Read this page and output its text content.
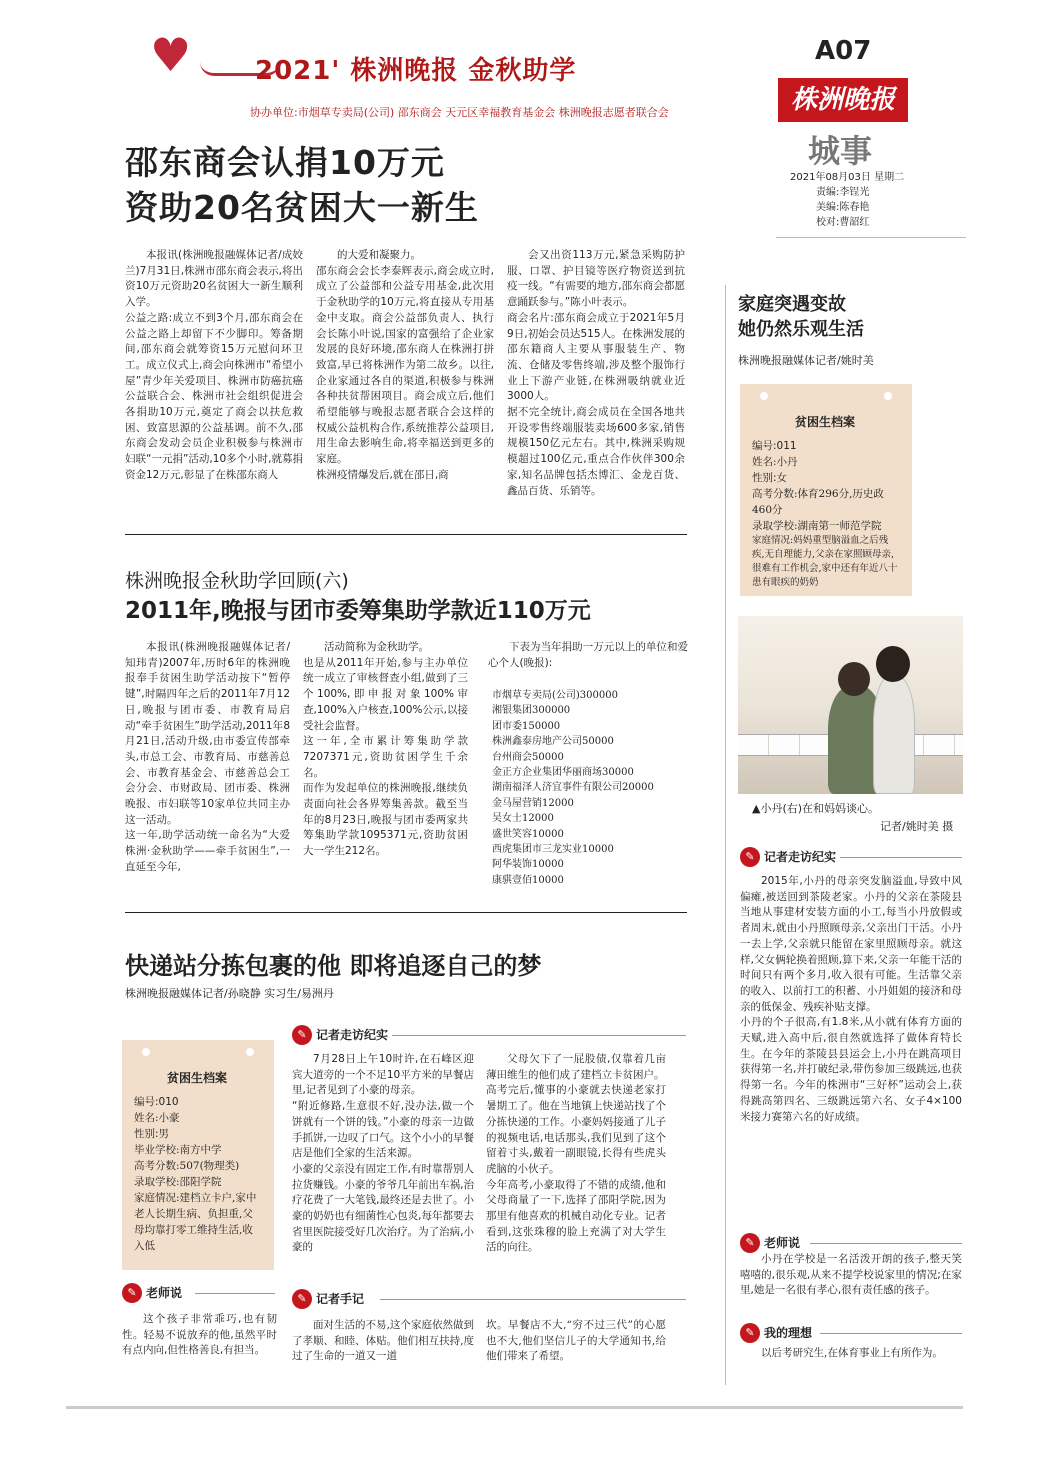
♥ 2021' 株洲晚报 金秋助学
协办单位:市烟草专卖局(公司) 邵东商会 天元区幸福教育基金会 株洲晚报志愿者联合会
A07
株洲晚报
城事
2021年08月03日 星期二
责编:李锃光
美编:陈春艳
校对:曹韶红
邵东商会认捐10万元
资助20名贫困大一新生
本报讯(株洲晚报融媒体记者/成姣兰)7月31日,株洲市邵东商会表示,将出资10万元资助20名贫困大一新生顺利入学。
公益之路:成立不到3个月,邵东商会在公益之路上却留下不少脚印。筹备期间,邵东商会就筹资15万元慰问环卫工。成立仪式上,商会向株洲市“希望小屋”青少年关爱项目、株洲市防癌抗癌公益联合会、株洲市社会组织促进会各捐助10万元,奠定了商会以扶危救困、致富思源的公益基调。前不久,邵东商会发动会员企业积极参与株洲市妇联“一元捐”活动,10多个小时,就募捐资金12万元,彰显了在株邵东商人
的大爱和凝聚力。
邵东商会会长李泰辉表示,商会成立时,成立了公益部和公益专用基金,此次用于金秋助学的10万元,将直接从专用基金中支取。商会公益部负责人、执行会长陈小叶说,国家的富强给了企业家发展的良好环境,邵东商人在株洲打拼致富,早已将株洲作为第二故乡。以往,企业家通过各自的渠道,积极参与株洲各种扶贫帮困项目。商会成立后,他们希望能够与晚报志愿者联合会这样的权威公益机构合作,系统推荐公益项目,用生命去影响生命,将幸福送到更多的家庭。
株洲疫情爆发后,就在邵日,商
会又出资113万元,紧急采购防护服、口罩、护目镜等医疗物资送到抗疫一线。“有需要的地方,邵东商会都愿意踊跃参与。”陈小叶表示。
商会名片:邵东商会成立于2021年5月9日,初始会员达515人。在株洲发展的邵东籍商人主要从事服装生产、物流、仓储及零售终端,涉及整个服饰行业上下游产业链,在株洲吸纳就业近3000人。
据不完全统计,商会成员在全国各地共开设零售终端服装卖场600多家,销售规模150亿元左右。其中,株洲采购规模超过100亿元,重点合作伙伴300余家,知名品牌包括杰博汇、金龙百货、鑫品百货、乐销等。
株洲晚报金秋助学回顾(六)
2011年,晚报与团市委筹集助学款近110万元
本报讯(株洲晚报融媒体记者/知玮青)2007年,历时6年的株洲晚报奉手贫困生助学活动按下“暂停键”,时隔四年之后的2011年7月12日,晚报与团市委、市教育局启动“牵手贫困生”助学活动,2011年8月21日,活动升级,由市委宣传部牵头,市总工会、市教育局、市慈善总会、市教育基金会、市慈善总会工会分会、市财政局、团市委、株洲晚报、市妇联等10家单位共同主办这一活动。
这一年,助学活动统一命名为“大爱株洲·金秋助学——牵手贫困生”,一直延至今年,
活动简称为金秋助学。
也是从2011年开始,参与主办单位统一成立了审核督查小组,做到了三个100%,即申报对象100%审查,100%入户核查,100%公示,以接受社会监督。
这一年,全市累计筹集助学款7207371元,资助贫困学生千余名。
而作为发起单位的株洲晚报,继续负责面向社会各界筹集善款。截至当年的8月23日,晚报与团市委两家共筹集助学款1095371元,资助贫困大一学生212名。
下表为当年捐助一万元以上的单位和爱心个人(晚报):
市烟草专卖局(公司)300000
湘银集团300000
团市委150000
株洲鑫泰房地产公司50000
台州商会50000
金正方企业集团华丽商场30000
湖南福泽人济宜事件有限公司20000
金马屋营销12000
吴女士12000
盛世笑容10000
西虎集团市三龙实业10000
阿华装饰10000
康骐壹佰10000
快递站分拣包裹的他 即将追逐自己的梦
株洲晚报融媒体记者/孙晓静 实习生/易洲丹
贫困生档案
编号:010
姓名:小豪
性别:男
毕业学校:南方中学
高考分数:507(物理类)
录取学校:邵阳学院
家庭情况:建档立卡户,家中老人长期生病、负担重,父母均靠打零工维持生活,收入低
✎ 记者走访纪实
7月28日上午10时许,在石峰区迎宾大道旁的一个不足10平方米的早餐店里,记者见到了小豪的母亲。
“附近修路,生意很不好,没办法,做一个饼就有一个饼的钱。”小豪的母亲一边做手抓饼,一边叹了口气。这个小小的早餐店是他们全家的生活来源。
小豪的父亲没有固定工作,有时靠帮别人拉货赚钱。小豪的爷爷几年前出车祸,治疗花费了一大笔钱,最终还是去世了。小豪的奶奶也有细菌性心包炎,每年都要去省里医院接受好几次治疗。为了治病,小豪的
父母欠下了一屁股债,仅靠着几亩薄田维生的他们成了建档立卡贫困户。
高考完后,懂事的小豪就去快递老家打暑期工了。他在当地镇上快递站找了个分拣快递的工作。小豪妈妈接通了儿子的视频电话,电话那头,我们见到了这个留着寸头,戴着一副眼镜,长得有些虎头虎脑的小伙子。
今年高考,小豪取得了不错的成绩,他和父母商量了一下,选择了邵阳学院,因为那里有他喜欢的机械自动化专业。记者看到,这张珠穆的脸上充满了对大学生活的向往。
✎ 老师说
这个孩子非常乖巧,也有韧性。轻易不说放弃的他,虽然平时有点内向,但性格善良,有担当。
✎ 记者手记
面对生活的不易,这个家庭依然做到了孝顺、和睦、体贴。他们相互扶持,度过了生命的一道又一道
坎。早餐店不大,“穷不过三代”的心愿也不大,他们坚信儿子的大学通知书,给他们带来了希望。
家庭突遇变故
她仍然乐观生活
株洲晚报融媒体记者/姚时美
贫困生档案
编号:011
姓名:小丹
性别:女
高考分数:体育296分,历史政460分
录取学校:湖南第一师范学院
家庭情况:妈妈重型脑溢血之后残疾,无自理能力,父亲在家照顾母亲,很难有工作机会,家中还有年近八十患有眼疾的奶奶
▲小丹(右)在和妈妈谈心。
记者/姚时美 摄
✎ 记者走访纪实
2015年,小丹的母亲突发脑溢血,导致中风偏瘫,被送回到茶陵老家。小丹的父亲在茶陵县当地从事建材安装方面的小工,每当小丹放假或者周末,就由小丹照顾母亲,父亲出门干活。小丹一去上学,父亲就只能留在家里照顾母亲。就这样,父女俩轮换着照顾,算下来,父亲一年能干活的时间只有两个多月,收入很有可能。生活靠父亲的收入、以前打工的积蓄、小丹姐姐的接济和母亲的低保金、残疾补贴支撑。
小丹的个子很高,有1.8米,从小就有体育方面的天赋,进入高中后,很自然就选择了做体育特长生。在今年的茶陵县县运会上,小丹在跳高项目获得第一名,并打破纪录,带伤参加三级跳远,也获得第一名。今年的株洲市“三好杯”运动会上,获得跳高第四名、三级跳远第六名、女子4×100米接力赛第六名的好成绩。
✎ 老师说
小丹在学校是一名活泼开朗的孩子,整天笑嘻嘻的,很乐观,从来不提学校说家里的情况;在家里,她是一名很有孝心,很有责任感的孩子。
✎ 我的理想
以后考研究生,在体育事业上有所作为。
